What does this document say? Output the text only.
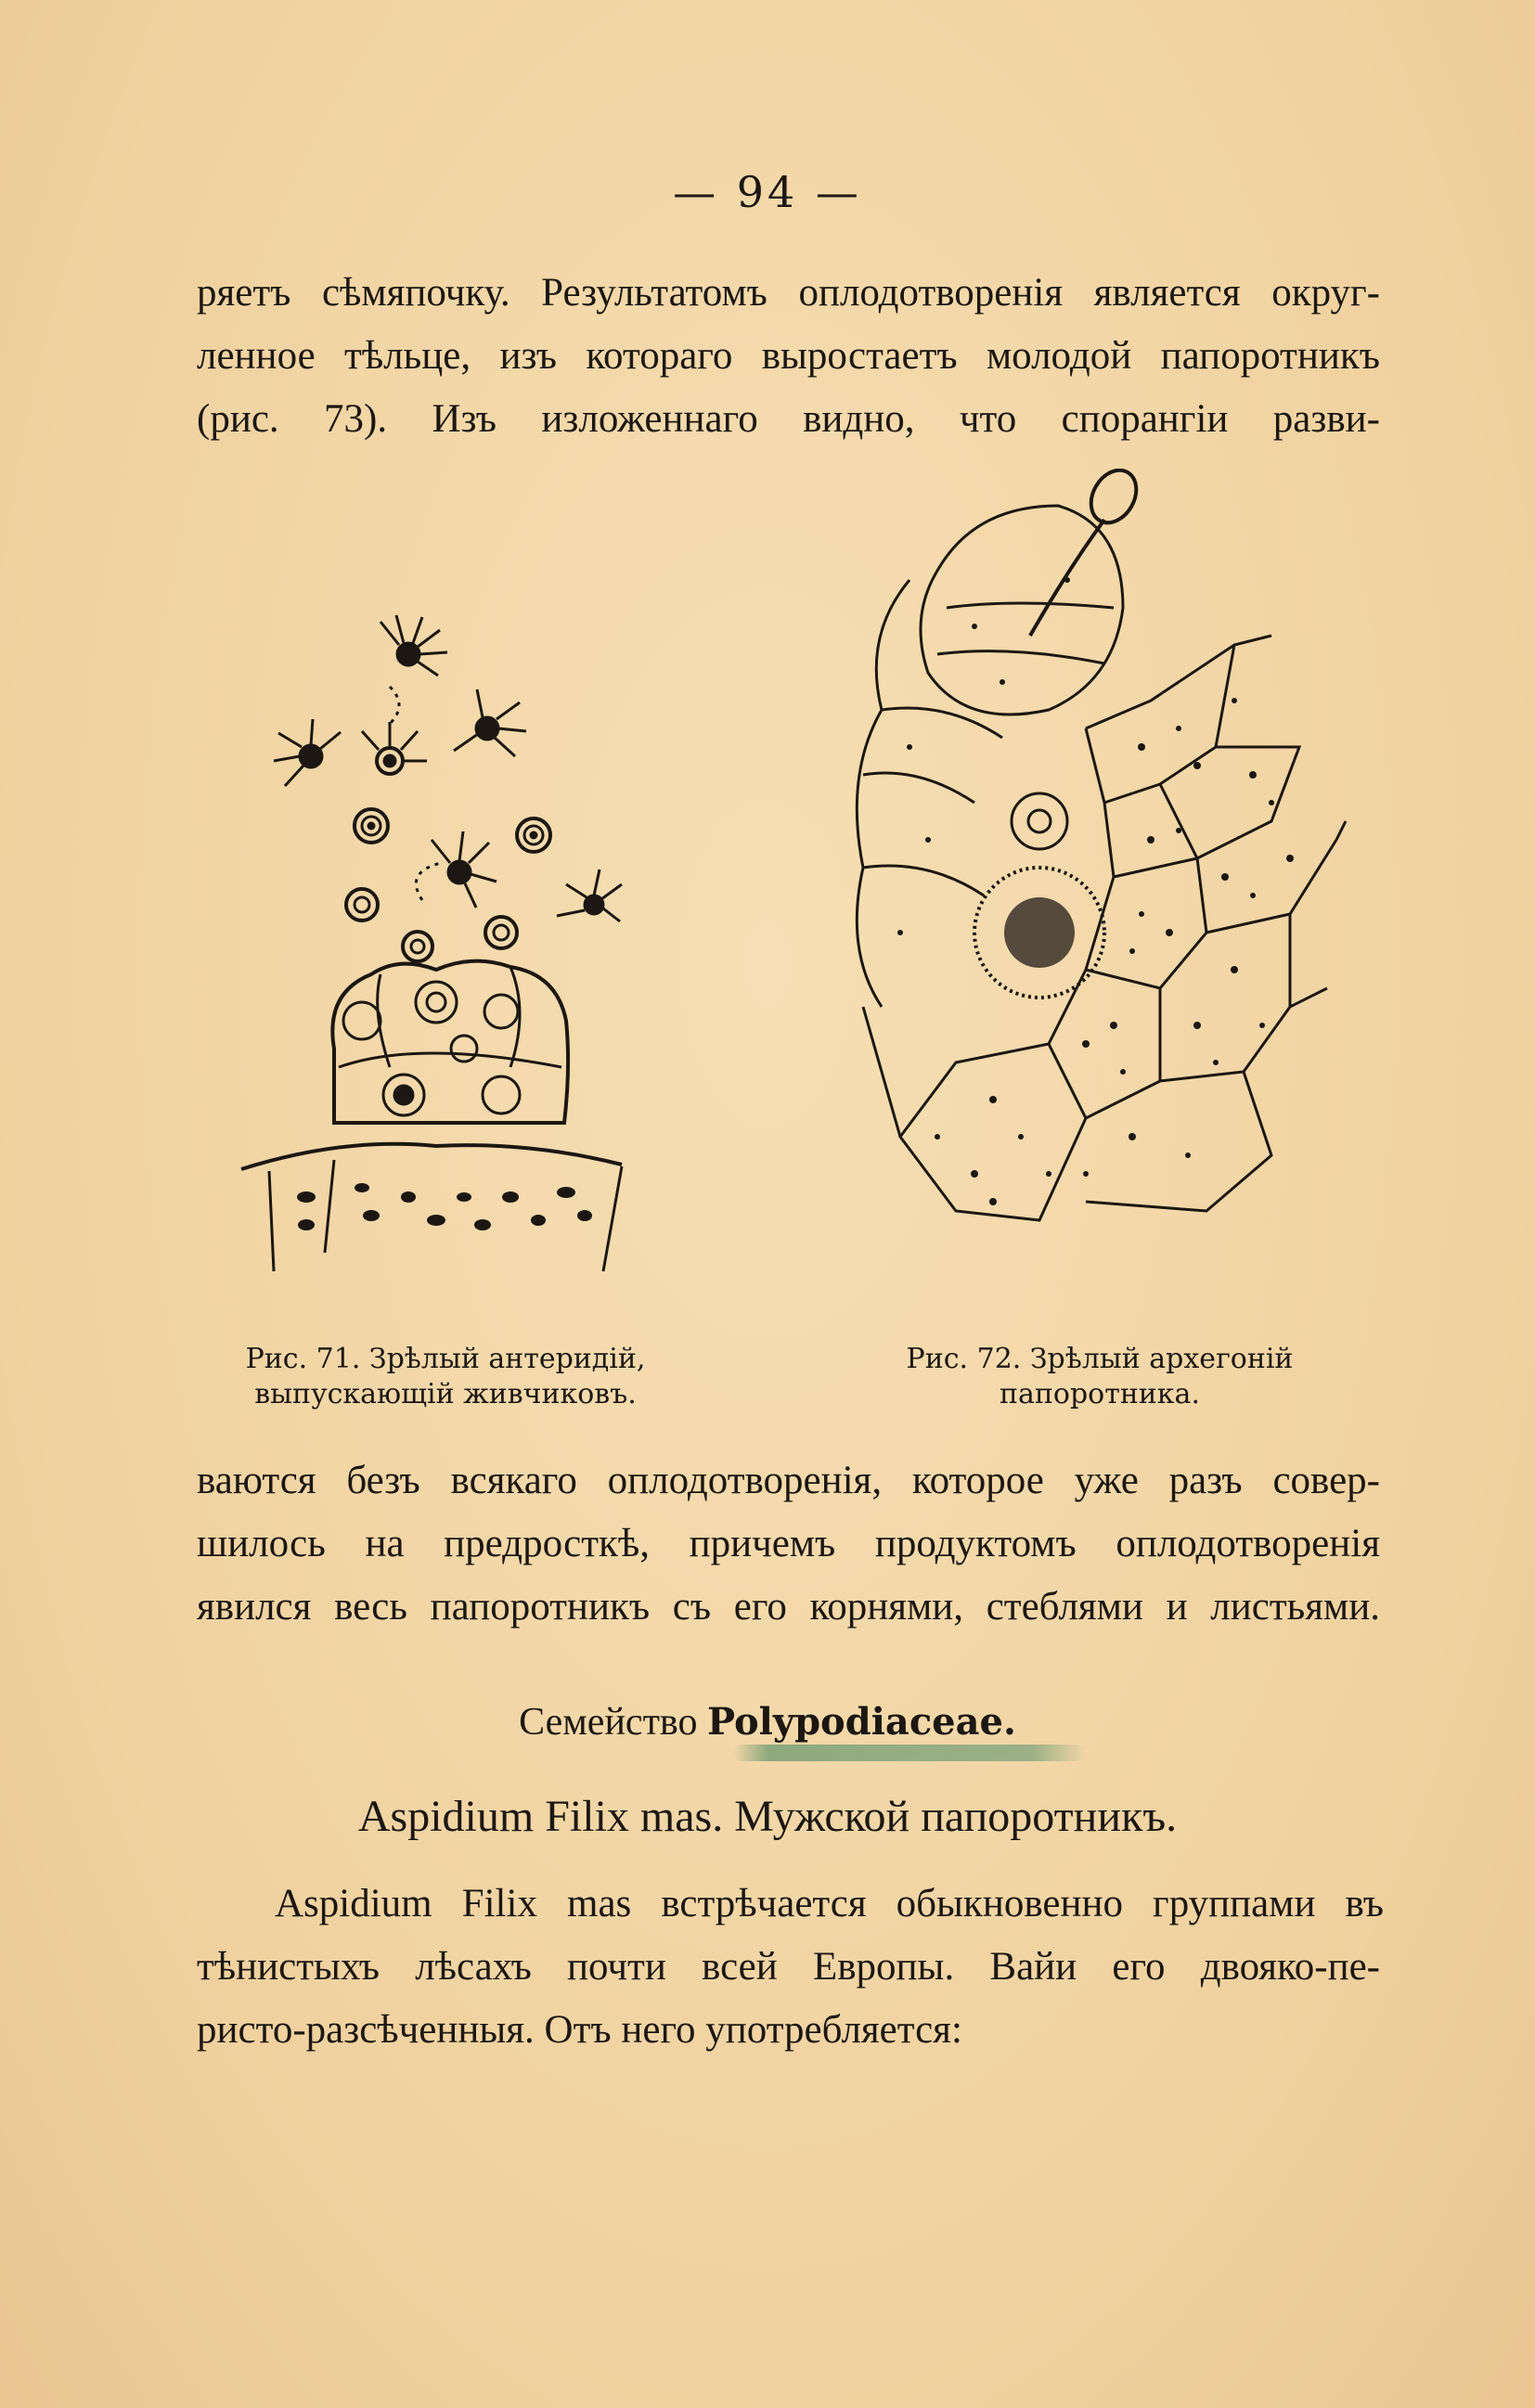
— 94 —
ряетъ сѣмяпочку. Результатомъ оплодотворенія является округ-
ленное тѣльце, изъ котораго выростаетъ молодой папоротникъ
(рис. 73). Изъ изложеннаго видно, что спорангіи разви-
Рис. 71. Зрѣлый антеридій,
выпускающій живчиковъ.
Рис. 72. Зрѣлый архегоній
папоротника.
ваются безъ всякаго оплодотворенія, которое уже разъ совер-
шилось на предросткѣ, причемъ продуктомъ оплодотворенія
явился весь папоротникъ съ его корнями, стеблями и листьями.
Семейство Polypodiaceae.
Aspidium Filix mas. Мужской папоротникъ.
Aspidium Filix mas встрѣчается обыкновенно группами въ
тѣнистыхъ лѣсахъ почти всей Европы. Вайи его двояко-пе-
ристо-разсѣченныя. Отъ него употребляется:
